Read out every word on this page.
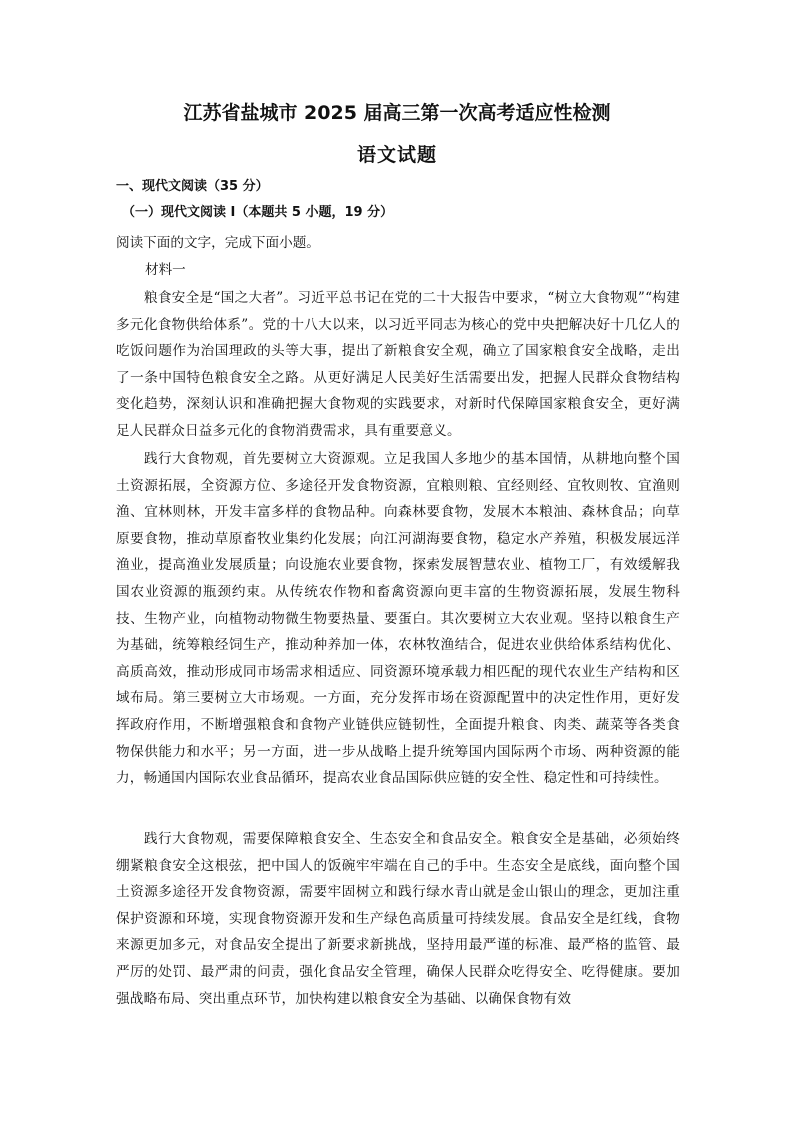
江苏省盐城市 2025 届高三第一次高考适应性检测
语文试题
一、现代文阅读（35 分）
（一）现代文阅读 I（本题共 5 小题，19 分）
阅读下面的文字，完成下面小题。
材料一

粮食安全是“国之大者”。习近平总书记在党的二十大报告中要求，“树立大食物观”“构建多元化食物供给体系”。党的十八大以来，以习近平同志为核心的党中央把解决好十几亿人的吃饭问题作为治国理政的头等大事，提出了新粮食安全观，确立了国家粮食安全战略，走出了一条中国特色粮食安全之路。从更好满足人民美好生活需要出发，把握人民群众食物结构变化趋势，深刻认识和准确把握大食物观的实践要求，对新时代保障国家粮食安全，更好满足人民群众日益多元化的食物消费需求，具有重要意义。

践行大食物观，首先要树立大资源观。立足我国人多地少的基本国情，从耕地向整个国土资源拓展，全资源方位、多途径开发食物资源，宜粮则粮、宜经则经、宜牧则牧、宜渔则渔、宜林则林，开发丰富多样的食物品种。向森林要食物，发展木本粮油、森林食品；向草原要食物，推动草原畜牧业集约化发展；向江河湖海要食物，稳定水产养殖，积极发展远洋渔业，提高渔业发展质量；向设施农业要食物，探索发展智慧农业、植物工厂，有效缓解我国农业资源的瓶颈约束。从传统农作物和畜禽资源向更丰富的生物资源拓展，发展生物科技、生物产业，向植物动物微生物要热量、要蛋白。其次要树立大农业观。坚持以粮食生产为基础，统筹粮经饲生产，推动种养加一体，农林牧渔结合，促进农业供给体系结构优化、高质高效，推动形成同市场需求相适应、同资源环境承载力相匹配的现代农业生产结构和区域布局。第三要树立大市场观。一方面，充分发挥市场在资源配置中的决定性作用，更好发挥政府作用，不断增强粮食和食物产业链供应链韧性，全面提升粮食、肉类、蔬菜等各类食物保供能力和水平；另一方面，进一步从战略上提升统筹国内国际两个市场、两种资源的能力，畅通国内国际农业食品循环，提高农业食品国际供应链的安全性、稳定性和可持续性。

践行大食物观，需要保障粮食安全、生态安全和食品安全。粮食安全是基础，必须始终绷紧粮食安全这根弦，把中国人的饭碗牢牢端在自己的手中。生态安全是底线，面向整个国土资源多途径开发食物资源，需要牢固树立和践行绿水青山就是金山银山的理念，更加注重保护资源和环境，实现食物资源开发和生产绿色高质量可持续发展。食品安全是红线，食物来源更加多元，对食品安全提出了新要求新挑战，坚持用最严谨的标准、最严格的监管、最严厉的处罚、最严肃的问责，强化食品安全管理，确保人民群众吃得安全、吃得健康。要加强战略布局、突出重点环节，加快构建以粮食安全为基础、以确保食物有效
